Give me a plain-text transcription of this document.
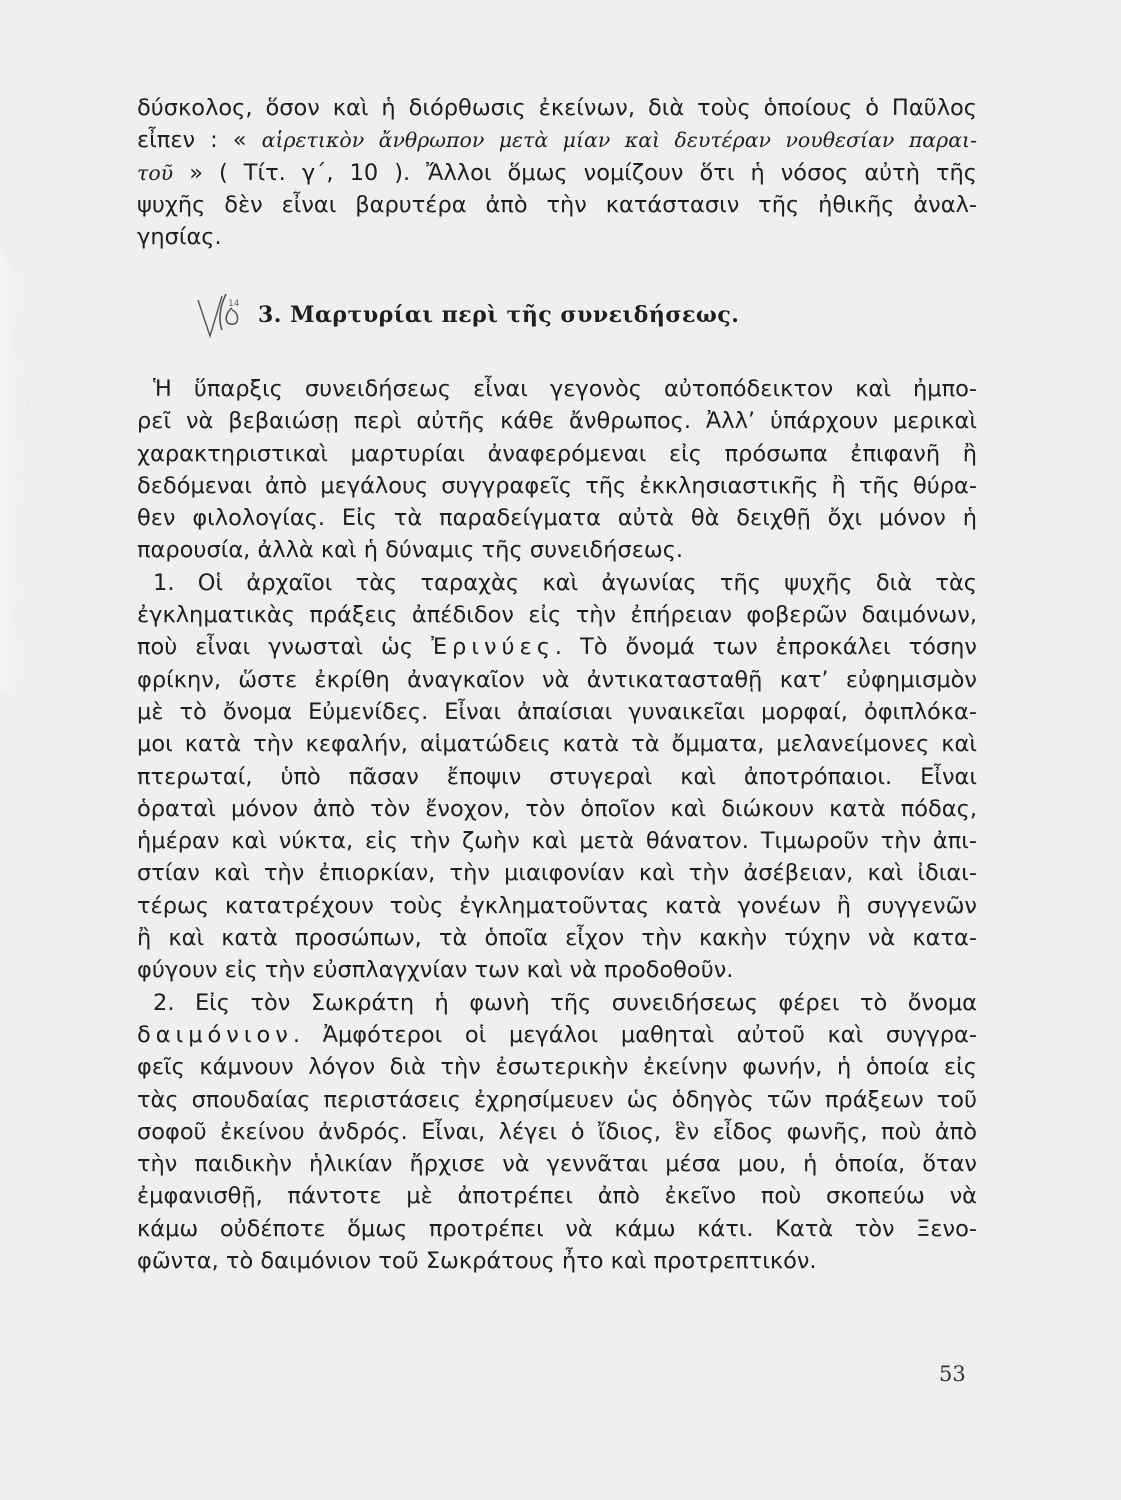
δύσκολος, ὅσον καὶ ἡ διόρθωσις ἐκείνων, διὰ τοὺς ὁποίους ὁ Παῦλος
εἶπεν : « αἱρετικὸν ἄνθρωπον μετὰ μίαν καὶ δευτέραν νουθεσίαν παραι-
τοῦ » ( Τίτ. γ΄, 10 ). Ἄλλοι ὅμως νομίζουν ὅτι ἡ νόσος αὐτὴ τῆς
ψυχῆς δὲν εἶναι βαρυτέρα ἀπὸ τὴν κατάστασιν τῆς ἠθικῆς ἀναλ-
γησίας.
14 3. Μαρτυρίαι περὶ τῆς συνειδήσεως.
Ἡ ὕπαρξις συνειδήσεως εἶναι γεγονὸς αὐτοπόδεικτον καὶ ἠμπο-
ρεῖ νὰ βεβαιώσῃ περὶ αὐτῆς κάθε ἄνθρωπος. Ἀλλ’ ὑπάρχουν μερικαὶ
χαρακτηριστικαὶ μαρτυρίαι ἀναφερόμεναι εἰς πρόσωπα ἐπιφανῆ ἢ
δεδόμεναι ἀπὸ μεγάλους συγγραφεῖς τῆς ἐκκλησιαστικῆς ἢ τῆς θύρα-
θεν φιλολογίας. Εἰς τὰ παραδείγματα αὐτὰ θὰ δειχθῇ ὄχι μόνον ἡ
παρουσία, ἀλλὰ καὶ ἡ δύναμις τῆς συνειδήσεως.
1. Οἱ ἀρχαῖοι τὰς ταραχὰς καὶ ἀγωνίας τῆς ψυχῆς διὰ τὰς
ἐγκληματικὰς πράξεις ἀπέδιδον εἰς τὴν ἐπήρειαν φοβερῶν δαιμόνων,
ποὺ εἶναι γνωσταὶ ὡς Ἐρινύες. Τὸ ὄνομά των ἐπροκάλει τόσην
φρίκην, ὥστε ἐκρίθη ἀναγκαῖον νὰ ἀντικατασταθῇ κατ’ εὐφημισμὸν
μὲ τὸ ὄνομα Εὐμενίδες. Εἶναι ἀπαίσιαι γυναικεῖαι μορφαί, ὀφιπλόκα-
μοι κατὰ τὴν κεφαλήν, αἱματώδεις κατὰ τὰ ὄμματα, μελανείμονες καὶ
πτερωταί, ὑπὸ πᾶσαν ἔποψιν στυγεραὶ καὶ ἀποτρόπαιοι. Εἶναι
ὁραταὶ μόνον ἀπὸ τὸν ἔνοχον, τὸν ὁποῖον καὶ διώκουν κατὰ πόδας,
ἡμέραν καὶ νύκτα, εἰς τὴν ζωὴν καὶ μετὰ θάνατον. Τιμωροῦν τὴν ἀπι-
στίαν καὶ τὴν ἐπιορκίαν, τὴν μιαιφονίαν καὶ τὴν ἀσέβειαν, καὶ ἰδιαι-
τέρως κατατρέχουν τοὺς ἐγκληματοῦντας κατὰ γονέων ἢ συγγενῶν
ἢ καὶ κατὰ προσώπων, τὰ ὁποῖα εἶχον τὴν κακὴν τύχην νὰ κατα-
φύγουν εἰς τὴν εὐσπλαγχνίαν των καὶ νὰ προδοθοῦν.
2. Εἰς τὸν Σωκράτη ἡ φωνὴ τῆς συνειδήσεως φέρει τὸ ὄνομα
δαιμόνιον. Ἀμφότεροι οἱ μεγάλοι μαθηταὶ αὐτοῦ καὶ συγγρα-
φεῖς κάμνουν λόγον διὰ τὴν ἐσωτερικὴν ἐκείνην φωνήν, ἡ ὁποία εἰς
τὰς σπουδαίας περιστάσεις ἐχρησίμευεν ὡς ὁδηγὸς τῶν πράξεων τοῦ
σοφοῦ ἐκείνου ἀνδρός. Εἶναι, λέγει ὁ ἴδιος, ἓν εἶδος φωνῆς, ποὺ ἀπὸ
τὴν παιδικὴν ἡλικίαν ἤρχισε νὰ γεννᾶται μέσα μου, ἡ ὁποία, ὅταν
ἐμφανισθῇ, πάντοτε μὲ ἀποτρέπει ἀπὸ ἐκεῖνο ποὺ σκοπεύω νὰ
κάμω οὐδέποτε ὅμως προτρέπει νὰ κάμω κάτι. Κατὰ τὸν Ξενο-
φῶντα, τὸ δαιμόνιον τοῦ Σωκράτους ἦτο καὶ προτρεπτικόν.
53
